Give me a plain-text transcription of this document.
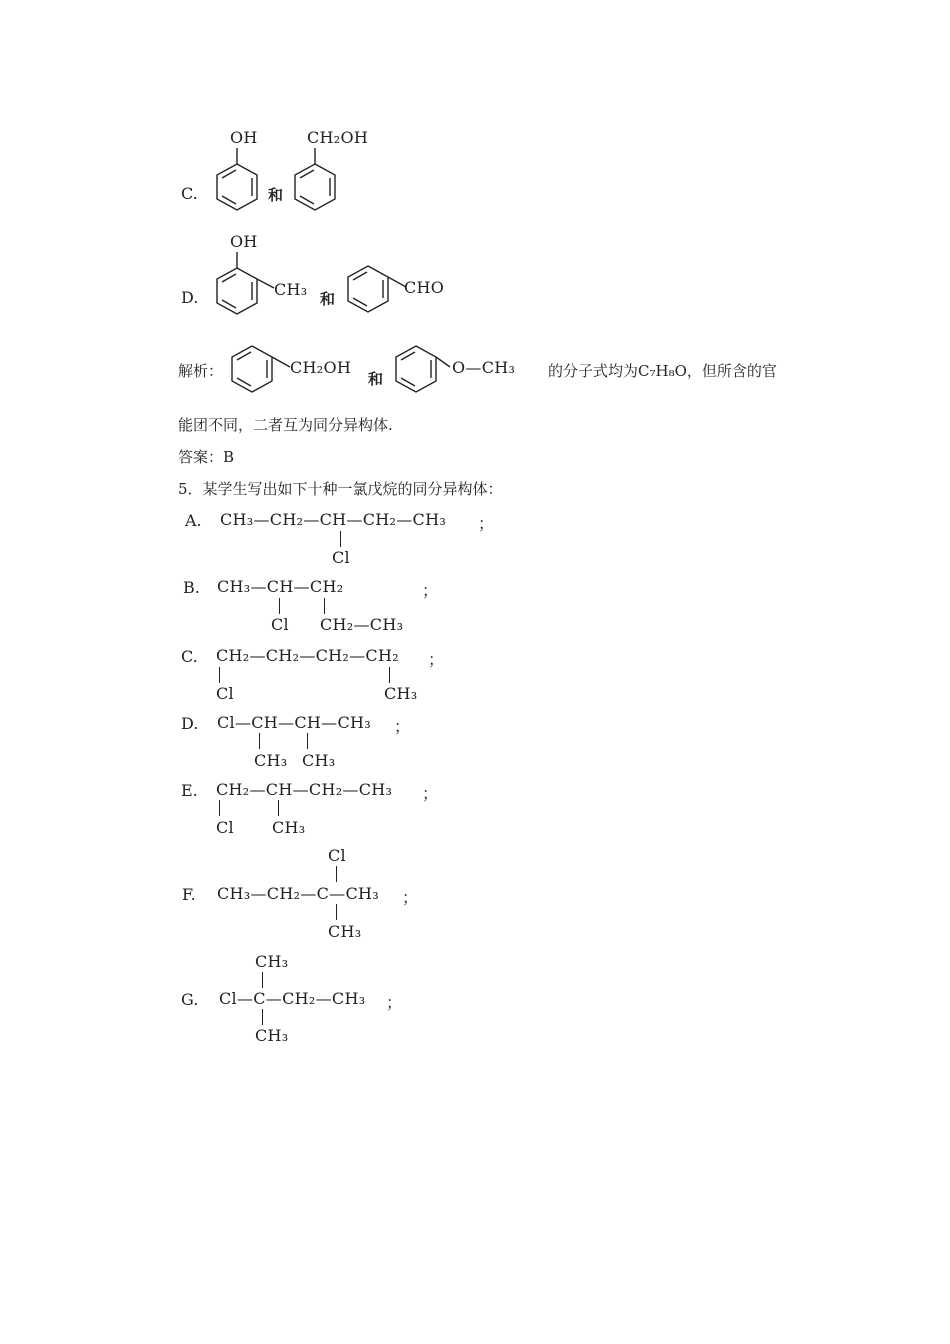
C.
OH
和
CH₂OH
D.
OH
CH₃ 和
CHO
解析：	CH₂OH
和
O—CH₃ 的分子式均为C₇H₈O，但所含的官
能团不同，二者互为同分异构体.
答案：B
5．某学生写出如下十种一氯戊烷的同分异构体：
A. CH₃—CH₂—CH—CH₂—CH₃ ；
Cl
B. CH₃—CH—CH₂	；
Cl CH₂—CH₃
C. CH₂—CH₂—CH₂—CH₂ ；
Cl	CH₃
D. Cl—CH—CH—CH₃ ；
CH₃ CH₃
E. CH₂—CH—CH₂—CH₃ ；
Cl CH₃
Cl
F. CH₃—CH₂—C—CH₃ ；
CH₃
CH₃
G. Cl—C—CH₂—CH₃ ；
CH₃
